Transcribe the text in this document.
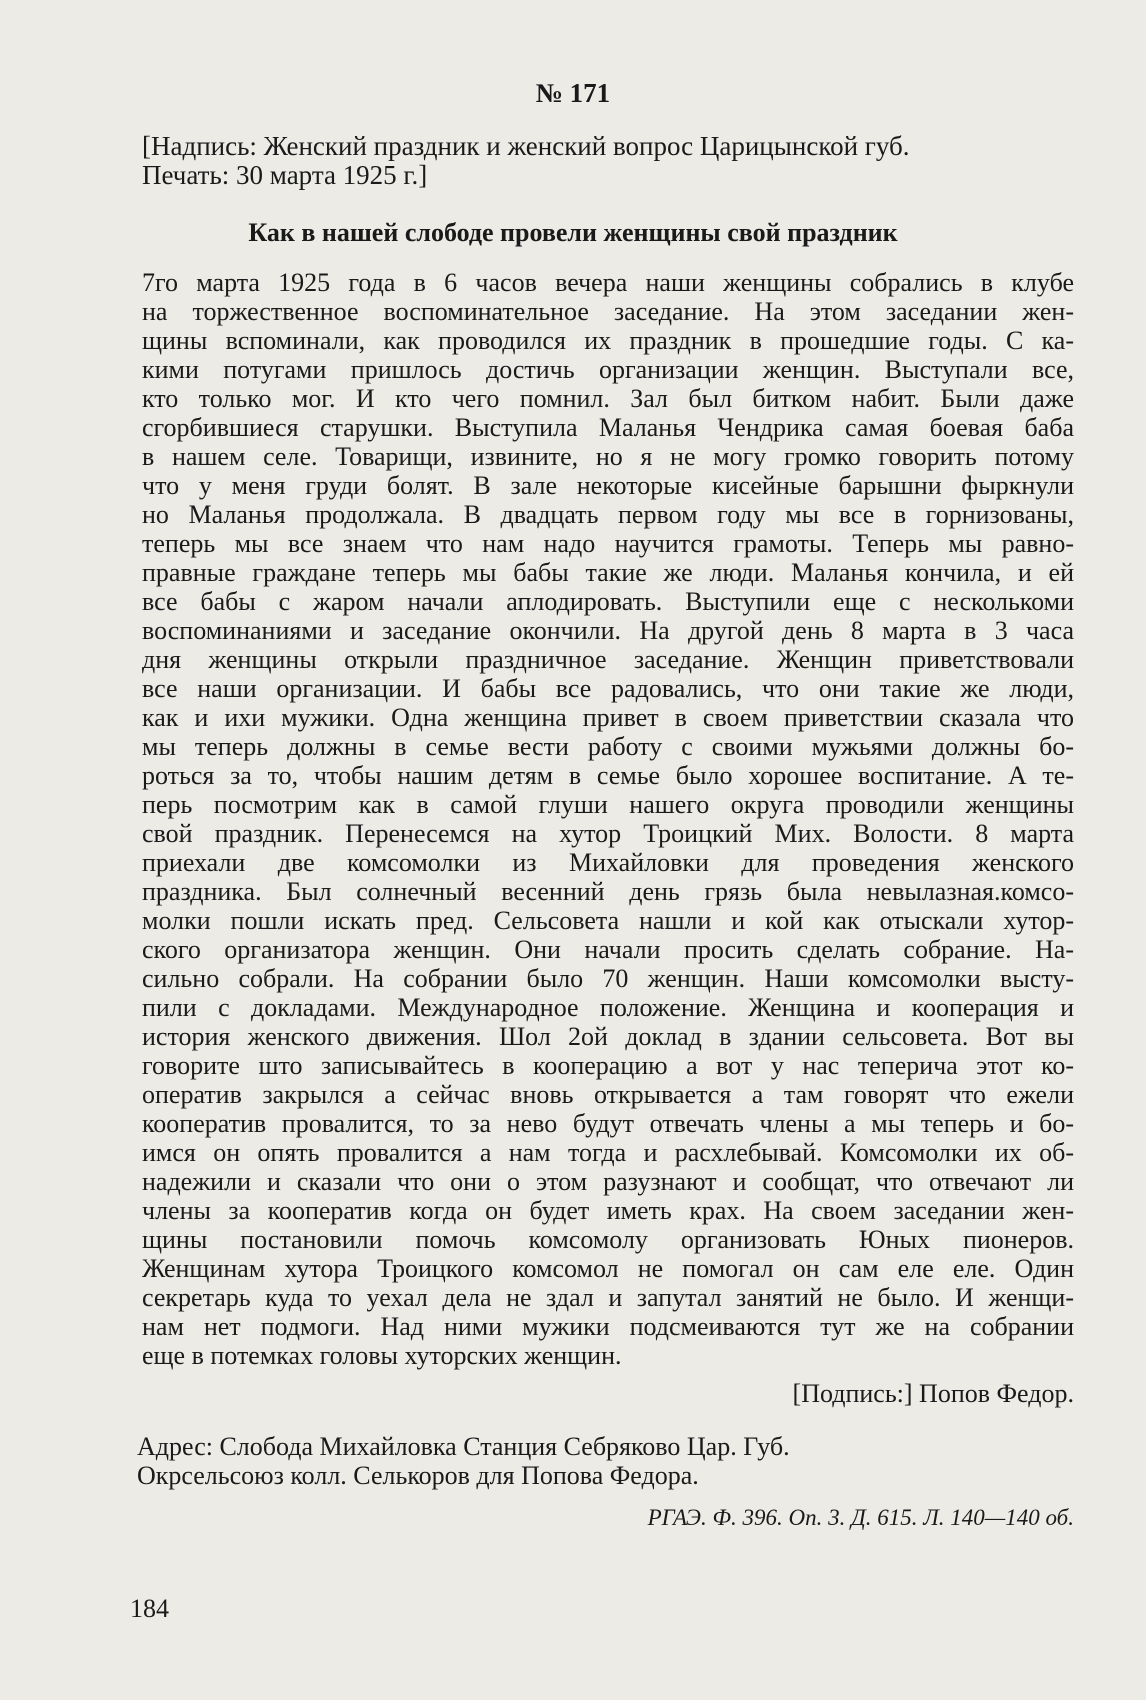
№ 171
[Надпись: Женский праздник и женский вопрос Царицынской губ.
Печать: 30 марта 1925 г.]
Как в нашей слободе провели женщины свой праздник
7го марта 1925 года в 6 часов вечера наши женщины собрались в клубе
на торжественное воспоминательное заседание. На этом заседании жен-
щины вспоминали, как проводился их праздник в прошедшие годы. С ка-
кими потугами пришлось достичь организации женщин. Выступали все,
кто только мог. И кто чего помнил. Зал был битком набит. Были даже
сгорбившиеся старушки. Выступила Маланья Чендрика самая боевая баба
в нашем селе. Товарищи, извините, но я не могу громко говорить потому
что у меня груди болят. В зале некоторые кисейные барышни фыркнули
но Маланья продолжала. В двадцать первом году мы все в горнизованы,
теперь мы все знаем что нам надо научится грамоты. Теперь мы равно-
правные граждане теперь мы бабы такие же люди. Маланья кончила, и ей
все бабы с жаром начали аплодировать. Выступили еще с несколькоми
воспоминаниями и заседание окончили. На другой день 8 марта в 3 часа
дня женщины открыли праздничное заседание. Женщин приветствовали
все наши организации. И бабы все радовались, что они такие же люди,
как и ихи мужики. Одна женщина привет в своем приветствии сказала что
мы теперь должны в семье вести работу с своими мужьями должны бо-
роться за то, чтобы нашим детям в семье было хорошее воспитание. А те-
перь посмотрим как в самой глуши нашего округа проводили женщины
свой праздник. Перенесемся на хутор Троицкий Мих. Волости. 8 марта
приехали две комсомолки из Михайловки для проведения женского
праздника. Был солнечный весенний день грязь была невылазная.комсо-
молки пошли искать пред. Сельсовета нашли и кой как отыскали хутор-
ского организатора женщин. Они начали просить сделать собрание. На-
сильно собрали. На собрании было 70 женщин. Наши комсомолки высту-
пили с докладами. Международное положение. Женщина и кооперация и
история женского движения. Шол 2ой доклад в здании сельсовета. Вот вы
говорите што записывайтесь в кооперацию а вот у нас теперича этот ко-
оператив закрылся а сейчас вновь открывается а там говорят что ежели
кооператив провалится, то за нево будут отвечать члены а мы теперь и бо-
имся он опять провалится а нам тогда и расхлебывай. Комсомолки их об-
надежили и сказали что они о этом разузнают и сообщат, что отвечают ли
члены за кооператив когда он будет иметь крах. На своем заседании жен-
щины постановили помочь комсомолу организовать Юных пионеров.
Женщинам хутора Троицкого комсомол не помогал он сам еле еле. Один
секретарь куда то уехал дела не здал и запутал занятий не было. И женщи-
нам нет подмоги. Над ними мужики подсмеиваются тут же на собрании
еще в потемках головы хуторских женщин.
[Подпись:] Попов Федор.
Адрес: Слобода Михайловка Станция Себряково Цар. Губ.
Окрсельсоюз колл. Селькоров для Попова Федора.
РГАЭ. Ф. 396. Оп. 3. Д. 615. Л. 140—140 об.
184
